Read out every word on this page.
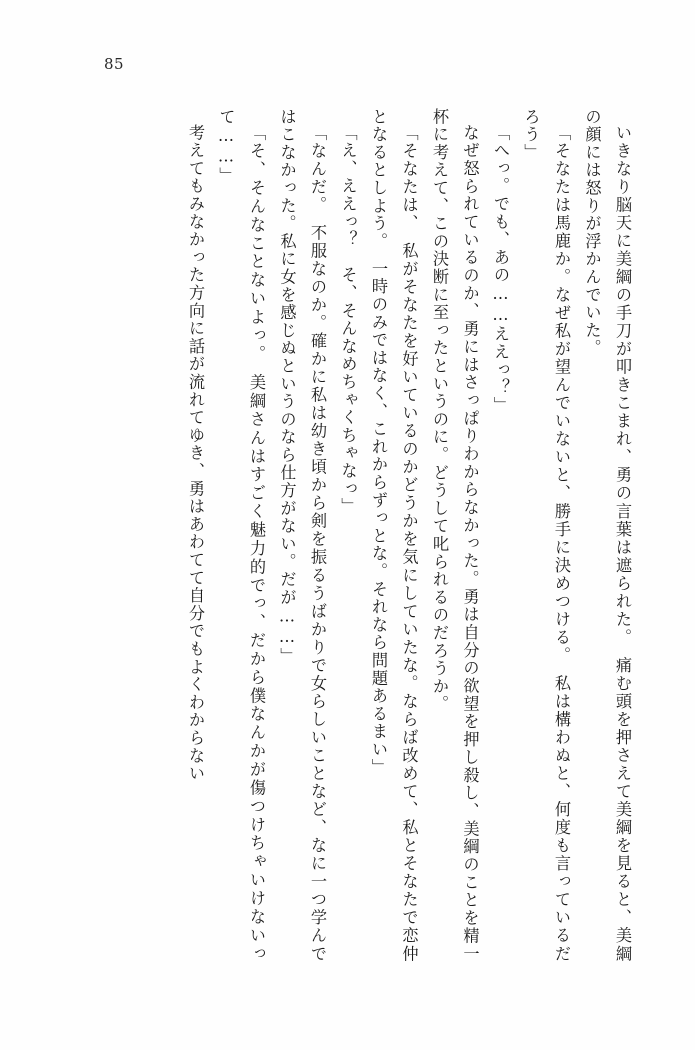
85

いきなり脳天に美綱の手刀が叩きこまれ、勇の言葉は遮られた。　痛む頭を押さえて美綱を見ると、美綱の顔には怒りが浮かんでいた。

「そなたは馬鹿か。なぜ私が望んでいないと、勝手に決めつける。　私は構わぬと、何度も言っているだろう」

「へっ。でも、あの……ええっ？」

なぜ怒られているのか、勇にはさっぱりわからなかった。勇は自分の欲望を押し殺し、美綱のことを精一杯に考えて、この決断に至ったというのに。どうして叱られるのだろうか。

「そなたは、　私がそなたを好いているのかどうかを気にしていたな。ならば改めて、私とそなたで恋仲となるとしよう。　一時のみではなく、これからずっとな。それなら問題あるまい」

「え、ええっ？　そ、そんなめちゃくちゃなっ」

「なんだ。　不服なのか。確かに私は幼き頃から剣を振るうばかりで女らしいことなど、なに一つ学んではこなかった。私に女を感じぬというのなら仕方がない。だが……」

「そ、そんなことないよっ。　美綱さんはすごく魅力的でっ、だから僕なんかが傷つけちゃいけないって……」

考えてもみなかった方向に話が流れてゆき、勇はあわてて自分でもよくわからない
